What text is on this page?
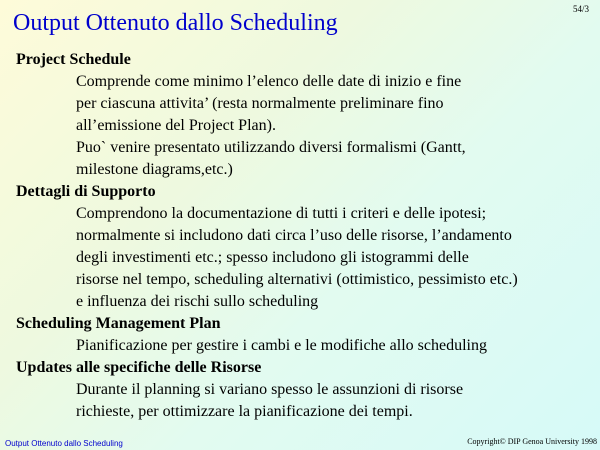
Output Ottenuto dallo Scheduling
54/3
Project Schedule
Comprende come minimo l’elenco delle date di inizio e fine
per ciascuna attivita’ (resta normalmente preliminare fino
all’emissione del Project Plan).
Puo` venire presentato utilizzando diversi formalismi (Gantt,
milestone diagrams,etc.)
Dettagli di Supporto
Comprendono la documentazione di tutti i criteri e delle ipotesi;
normalmente si includono dati circa l’uso delle risorse, l’andamento
degli investimenti etc.; spesso includono gli istogrammi delle
risorse nel tempo, scheduling alternativi (ottimistico, pessimisto etc.)
e influenza dei rischi sullo scheduling
Scheduling Management Plan
Pianificazione per gestire i cambi e le modifiche allo scheduling
Updates alle specifiche delle Risorse
Durante il planning si variano spesso le assunzioni di risorse
richieste, per ottimizzare la pianificazione dei tempi.
Output Ottenuto dallo Scheduling	Copyright© DIP Genoa University 1998
